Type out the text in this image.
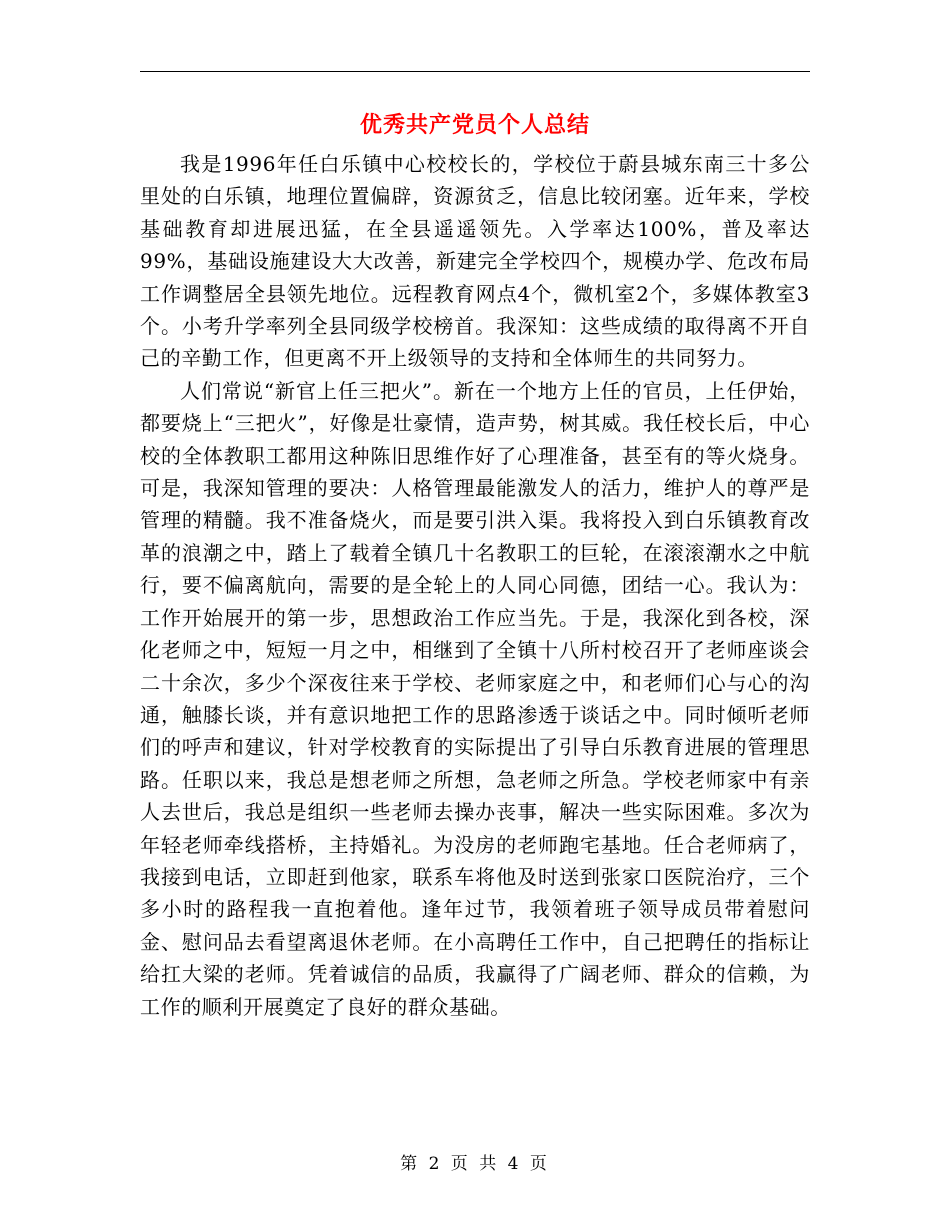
优秀共产党员个人总结

我是1996年任白乐镇中心校校长的，学校位于蔚县城东南三十多公里处的白乐镇，地理位置偏辟，资源贫乏，信息比较闭塞。近年来，学校基础教育却进展迅猛，在全县遥遥领先。入学率达100%，普及率达99%，基础设施建设大大改善，新建完全学校四个，规模办学、危改布局工作调整居全县领先地位。远程教育网点4个，微机室2个，多媒体教室3个。小考升学率列全县同级学校榜首。我深知：这些成绩的取得离不开自己的辛勤工作，但更离不开上级领导的支持和全体师生的共同努力。

人们常说“新官上任三把火”。新在一个地方上任的官员，上任伊始，都要烧上“三把火”，好像是壮豪情，造声势，树其威。我任校长后，中心校的全体教职工都用这种陈旧思维作好了心理准备，甚至有的等火烧身。可是，我深知管理的要决：人格管理最能激发人的活力，维护人的尊严是管理的精髓。我不准备烧火，而是要引洪入渠。我将投入到白乐镇教育改革的浪潮之中，踏上了载着全镇几十名教职工的巨轮，在滚滚潮水之中航行，要不偏离航向，需要的是全轮上的人同心同德，团结一心。我认为：工作开始展开的第一步，思想政治工作应当先。于是，我深化到各校，深化老师之中，短短一月之中，相继到了全镇十八所村校召开了老师座谈会二十余次，多少个深夜往来于学校、老师家庭之中，和老师们心与心的沟通，触膝长谈，并有意识地把工作的思路渗透于谈话之中。同时倾听老师们的呼声和建议，针对学校教育的实际提出了引导白乐教育进展的管理思路。任职以来，我总是想老师之所想，急老师之所急。学校老师家中有亲人去世后，我总是组织一些老师去操办丧事，解决一些实际困难。多次为年轻老师牵线搭桥，主持婚礼。为没房的老师跑宅基地。任合老师病了，我接到电话，立即赶到他家，联系车将他及时送到张家口医院治疗，三个多小时的路程我一直抱着他。逢年过节，我领着班子领导成员带着慰问金、慰问品去看望离退休老师。在小高聘任工作中，自己把聘任的指标让给扛大梁的老师。凭着诚信的品质，我赢得了广阔老师、群众的信赖，为工作的顺利开展奠定了良好的群众基础。

第 2 页 共 4 页
